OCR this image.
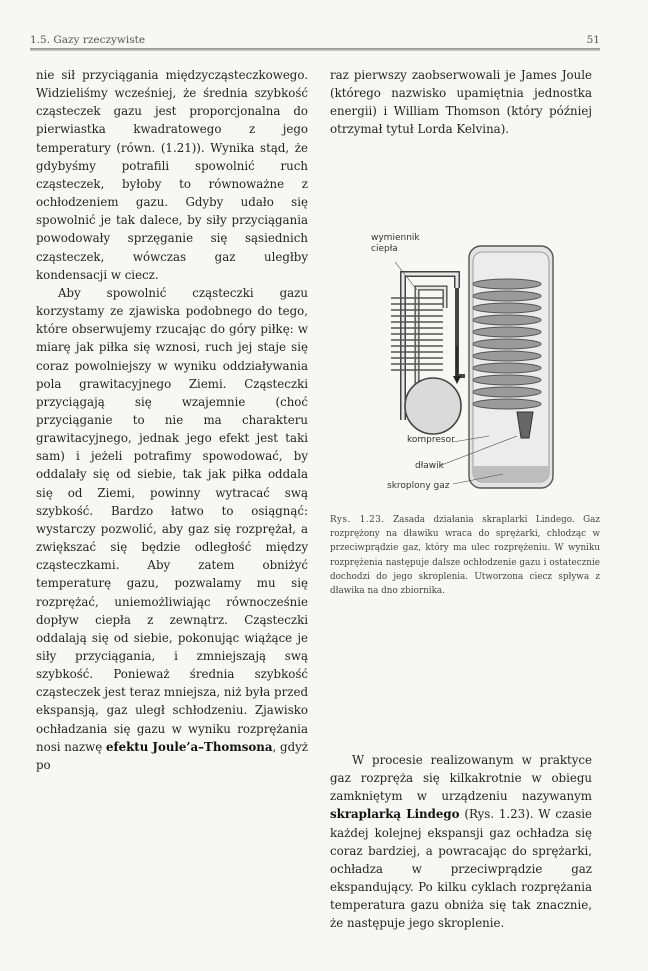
1.5. Gazy rzeczywiste	51

nie sił przyciągania międzycząsteczkowego. Widzieliśmy wcześniej, że średnia szybkość cząsteczek gazu jest proporcjonalna do pierwiastka kwadratowego z jego temperatury (równ. (1.21)). Wynika stąd, że gdybyśmy potrafili spowolnić ruch cząsteczek, byłoby to równoważne z ochłodzeniem gazu. Gdyby udało się spowolnić je tak dalece, by siły przyciągania powodowały sprzęganie się sąsiednich cząsteczek, wówczas gaz uległby kondensacji w ciecz.

Aby spowolnić cząsteczki gazu korzystamy ze zjawiska podobnego do tego, które obserwujemy rzucając do góry piłkę: w miarę jak piłka się wznosi, ruch jej staje się coraz powolniejszy w wyniku oddziaływania pola grawitacyjnego Ziemi. Cząsteczki przyciągają się wzajemnie (choć przyciąganie to nie ma charakteru grawitacyjnego, jednak jego efekt jest taki sam) i jeżeli potrafimy spowodować, by oddalały się od siebie, tak jak piłka oddala się od Ziemi, powinny wytracać swą szybkość. Bardzo łatwo to osiągnąć: wystarczy pozwolić, aby gaz się rozprężał, a zwiększać się będzie odległość między cząsteczkami. Aby zatem obniżyć temperaturę gazu, pozwalamy mu się rozprężać, uniemożliwiając równocześnie dopływ ciepła z zewnątrz. Cząsteczki oddalają się od siebie, pokonując wiążące je siły przyciągania, i zmniejszają swą szybkość. Ponieważ średnia szybkość cząsteczek jest teraz mniejsza, niż była przed ekspansją, gaz uległ schłodzeniu. Zjawisko ochładzania się gazu w wyniku rozprężania nosi nazwę efektu Joule’a–Thomsona, gdyż po

raz pierwszy zaobserwowali je James Joule (którego nazwisko upamiętnia jednostka energii) i William Thomson (który później otrzymał tytuł Lorda Kelvina).

wymiennik
ciepła
kompresor
dławik
skroplony gaz
Rys. 1.23. Zasada działania skraplarki Lindego. Gaz rozprężony na dławiku wraca do sprężarki, chłodząc w przeciwprądzie gaz, który ma ulec rozprężeniu. W wyniku rozprężenia następuje dalsze ochłodzenie gazu i ostatecznie dochodzi do jego skroplenia. Utworzona ciecz spływa z dławika na dno zbiornika.

W procesie realizowanym w praktyce gaz rozpręża się kilkakrotnie w obiegu zamkniętym w urządzeniu nazywanym skraplarką Lindego (Rys. 1.23). W czasie każdej kolejnej ekspansji gaz ochładza się coraz bardziej, a powracając do sprężarki, ochładza w przeciwprądzie gaz ekspandujący. Po kilku cyklach rozprężania temperatura gazu obniża się tak znacznie, że następuje jego skroplenie.
